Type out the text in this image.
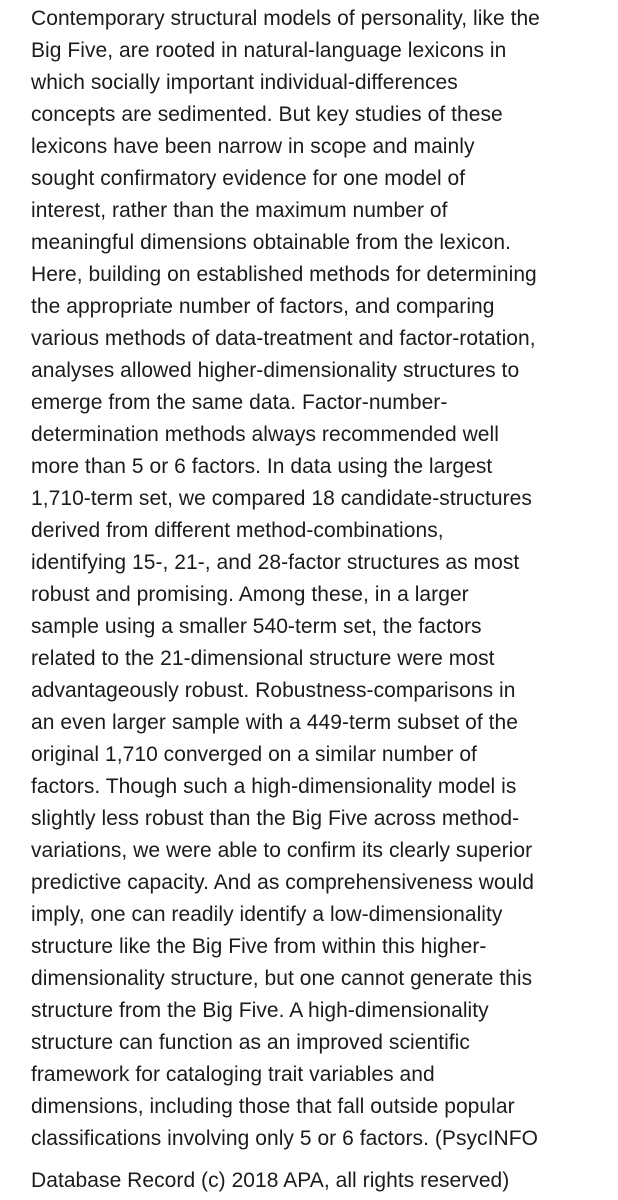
Contemporary structural models of personality, like the
Big Five, are rooted in natural-language lexicons in
which socially important individual-differences
concepts are sedimented. But key studies of these
lexicons have been narrow in scope and mainly
sought confirmatory evidence for one model of
interest, rather than the maximum number of
meaningful dimensions obtainable from the lexicon.
Here, building on established methods for determining
the appropriate number of factors, and comparing
various methods of data-treatment and factor-rotation,
analyses allowed higher-dimensionality structures to
emerge from the same data. Factor-number-
determination methods always recommended well
more than 5 or 6 factors. In data using the largest
1,710-term set, we compared 18 candidate-structures
derived from different method-combinations,
identifying 15-, 21-, and 28-factor structures as most
robust and promising. Among these, in a larger
sample using a smaller 540-term set, the factors
related to the 21-dimensional structure were most
advantageously robust. Robustness-comparisons in
an even larger sample with a 449-term subset of the
original 1,710 converged on a similar number of
factors. Though such a high-dimensionality model is
slightly less robust than the Big Five across method-
variations, we were able to confirm its clearly superior
predictive capacity. And as comprehensiveness would
imply, one can readily identify a low-dimensionality
structure like the Big Five from within this higher-
dimensionality structure, but one cannot generate this
structure from the Big Five. A high-dimensionality
structure can function as an improved scientific
framework for cataloging trait variables and
dimensions, including those that fall outside popular
classifications involving only 5 or 6 factors. (PsycINFO
Database Record (c) 2018 APA, all rights reserved)
